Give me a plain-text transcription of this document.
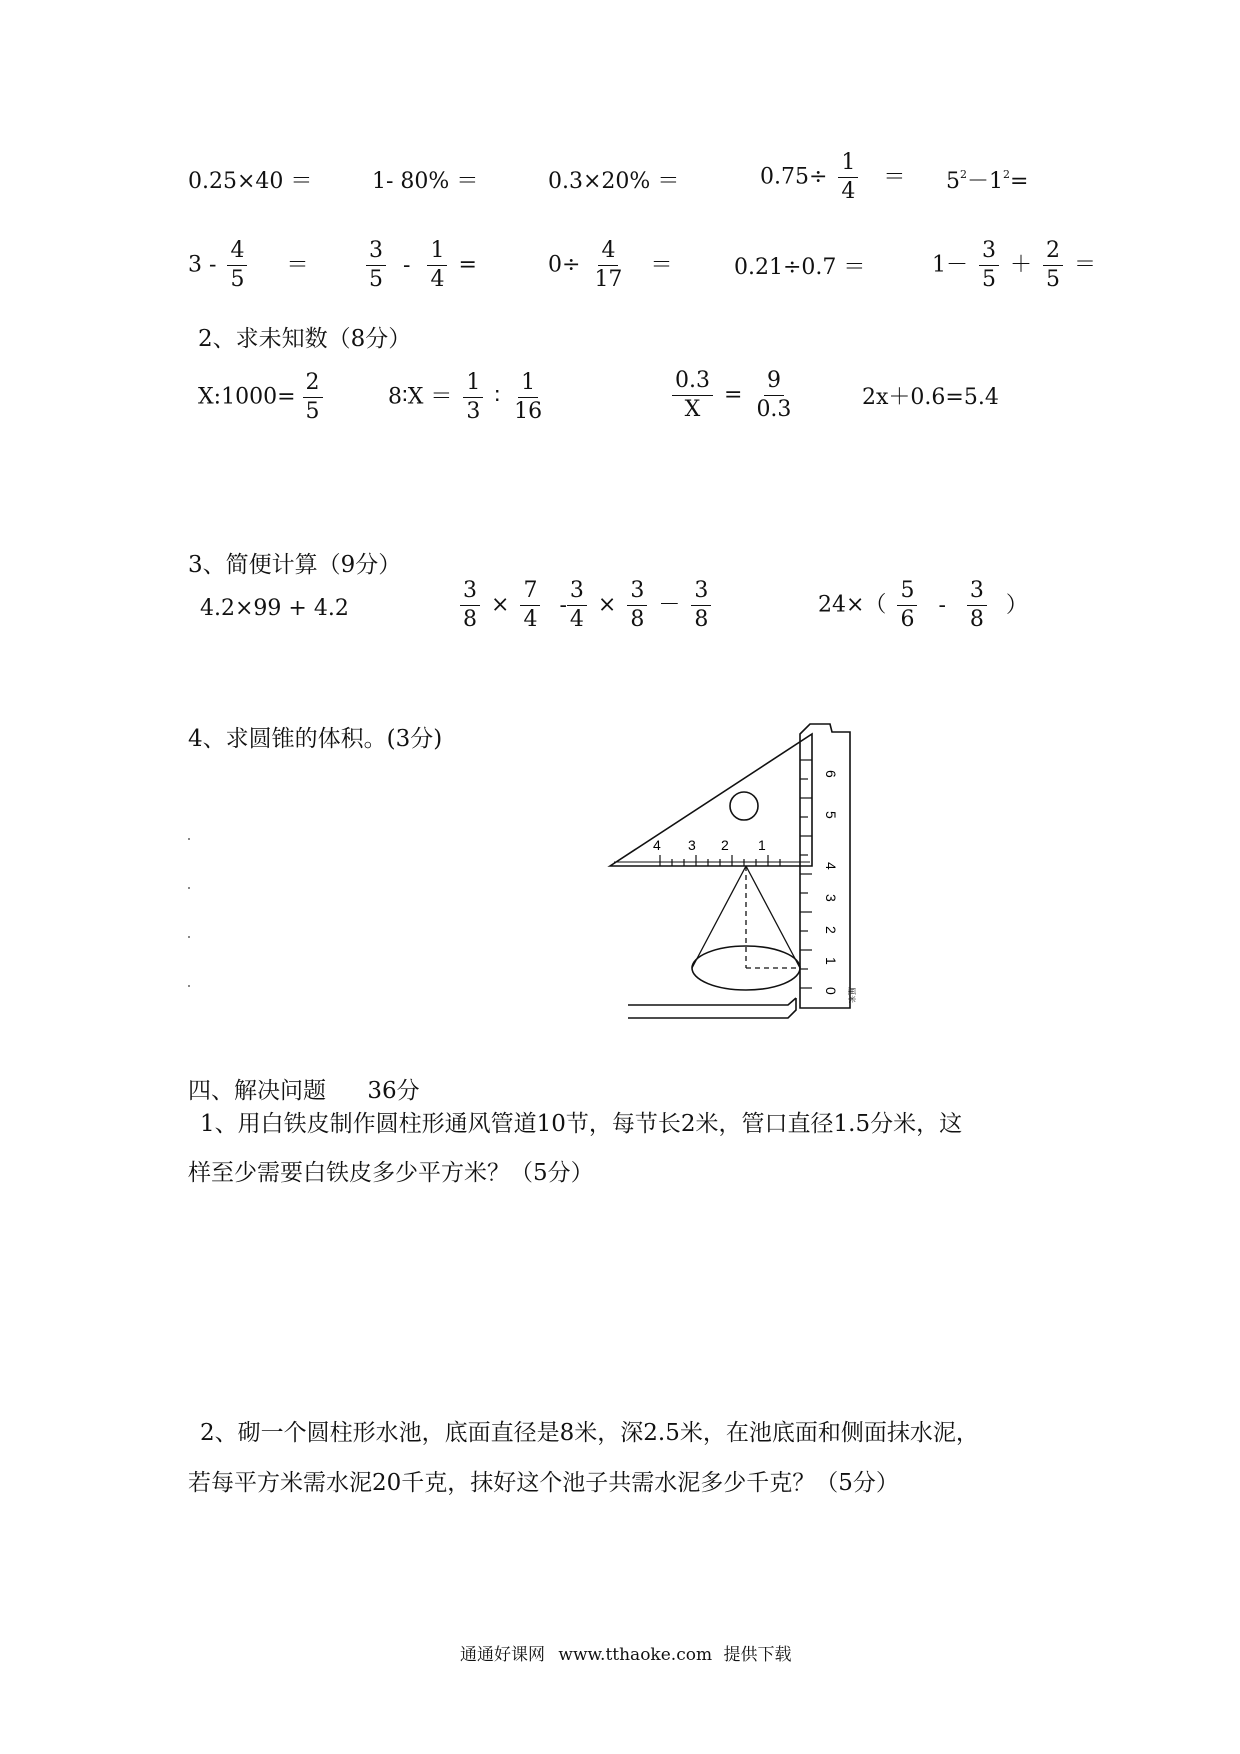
0.25×40 ＝	1- 80% ＝	0.3×20% ＝	$0.75\div \frac{1}{4} = 5^2-1^2=$
$3 - \frac{4}{5}$ ＝	$\frac{3}{5} - \frac{1}{4}$ =	$0\div \frac{4}{17}$ ＝	0.21÷0.7 ＝	$1- \frac{3}{5} + \frac{2}{5}$ ＝
2、求未知数（8分）
X:1000= $\frac{2}{5}$	8∶X ＝ $\frac{1}{3}$ ∶ $\frac{1}{16}$	$\frac{0.3}{X} = \frac{9}{0.3}$	2x＋0.6=5.4
3、简便计算（9分）
4.2×99 + 4.2	$\frac{3}{8} \times \frac{7}{4} - \frac{3}{4} \times \frac{3}{8} - \frac{3}{8}$	$24\times( \frac{5}{6} - \frac{3}{8}$ ）
4、求圆锥的体积。(3分)
4 3 2 1
6
5
4
3
2
1
0 厘米
四、解决问题 36分
1、用白铁皮制作圆柱形通风管道10节，每节长2米，管口直径1.5分米，这
样至少需要白铁皮多少平方米？（5分）
2、砌一个圆柱形水池，底面直径是8米，深2.5米，在池底面和侧面抹水泥，
若每平方米需水泥20千克，抹好这个池子共需水泥多少千克？（5分）
通通好课网 www.tthaoke.com 提供下载
